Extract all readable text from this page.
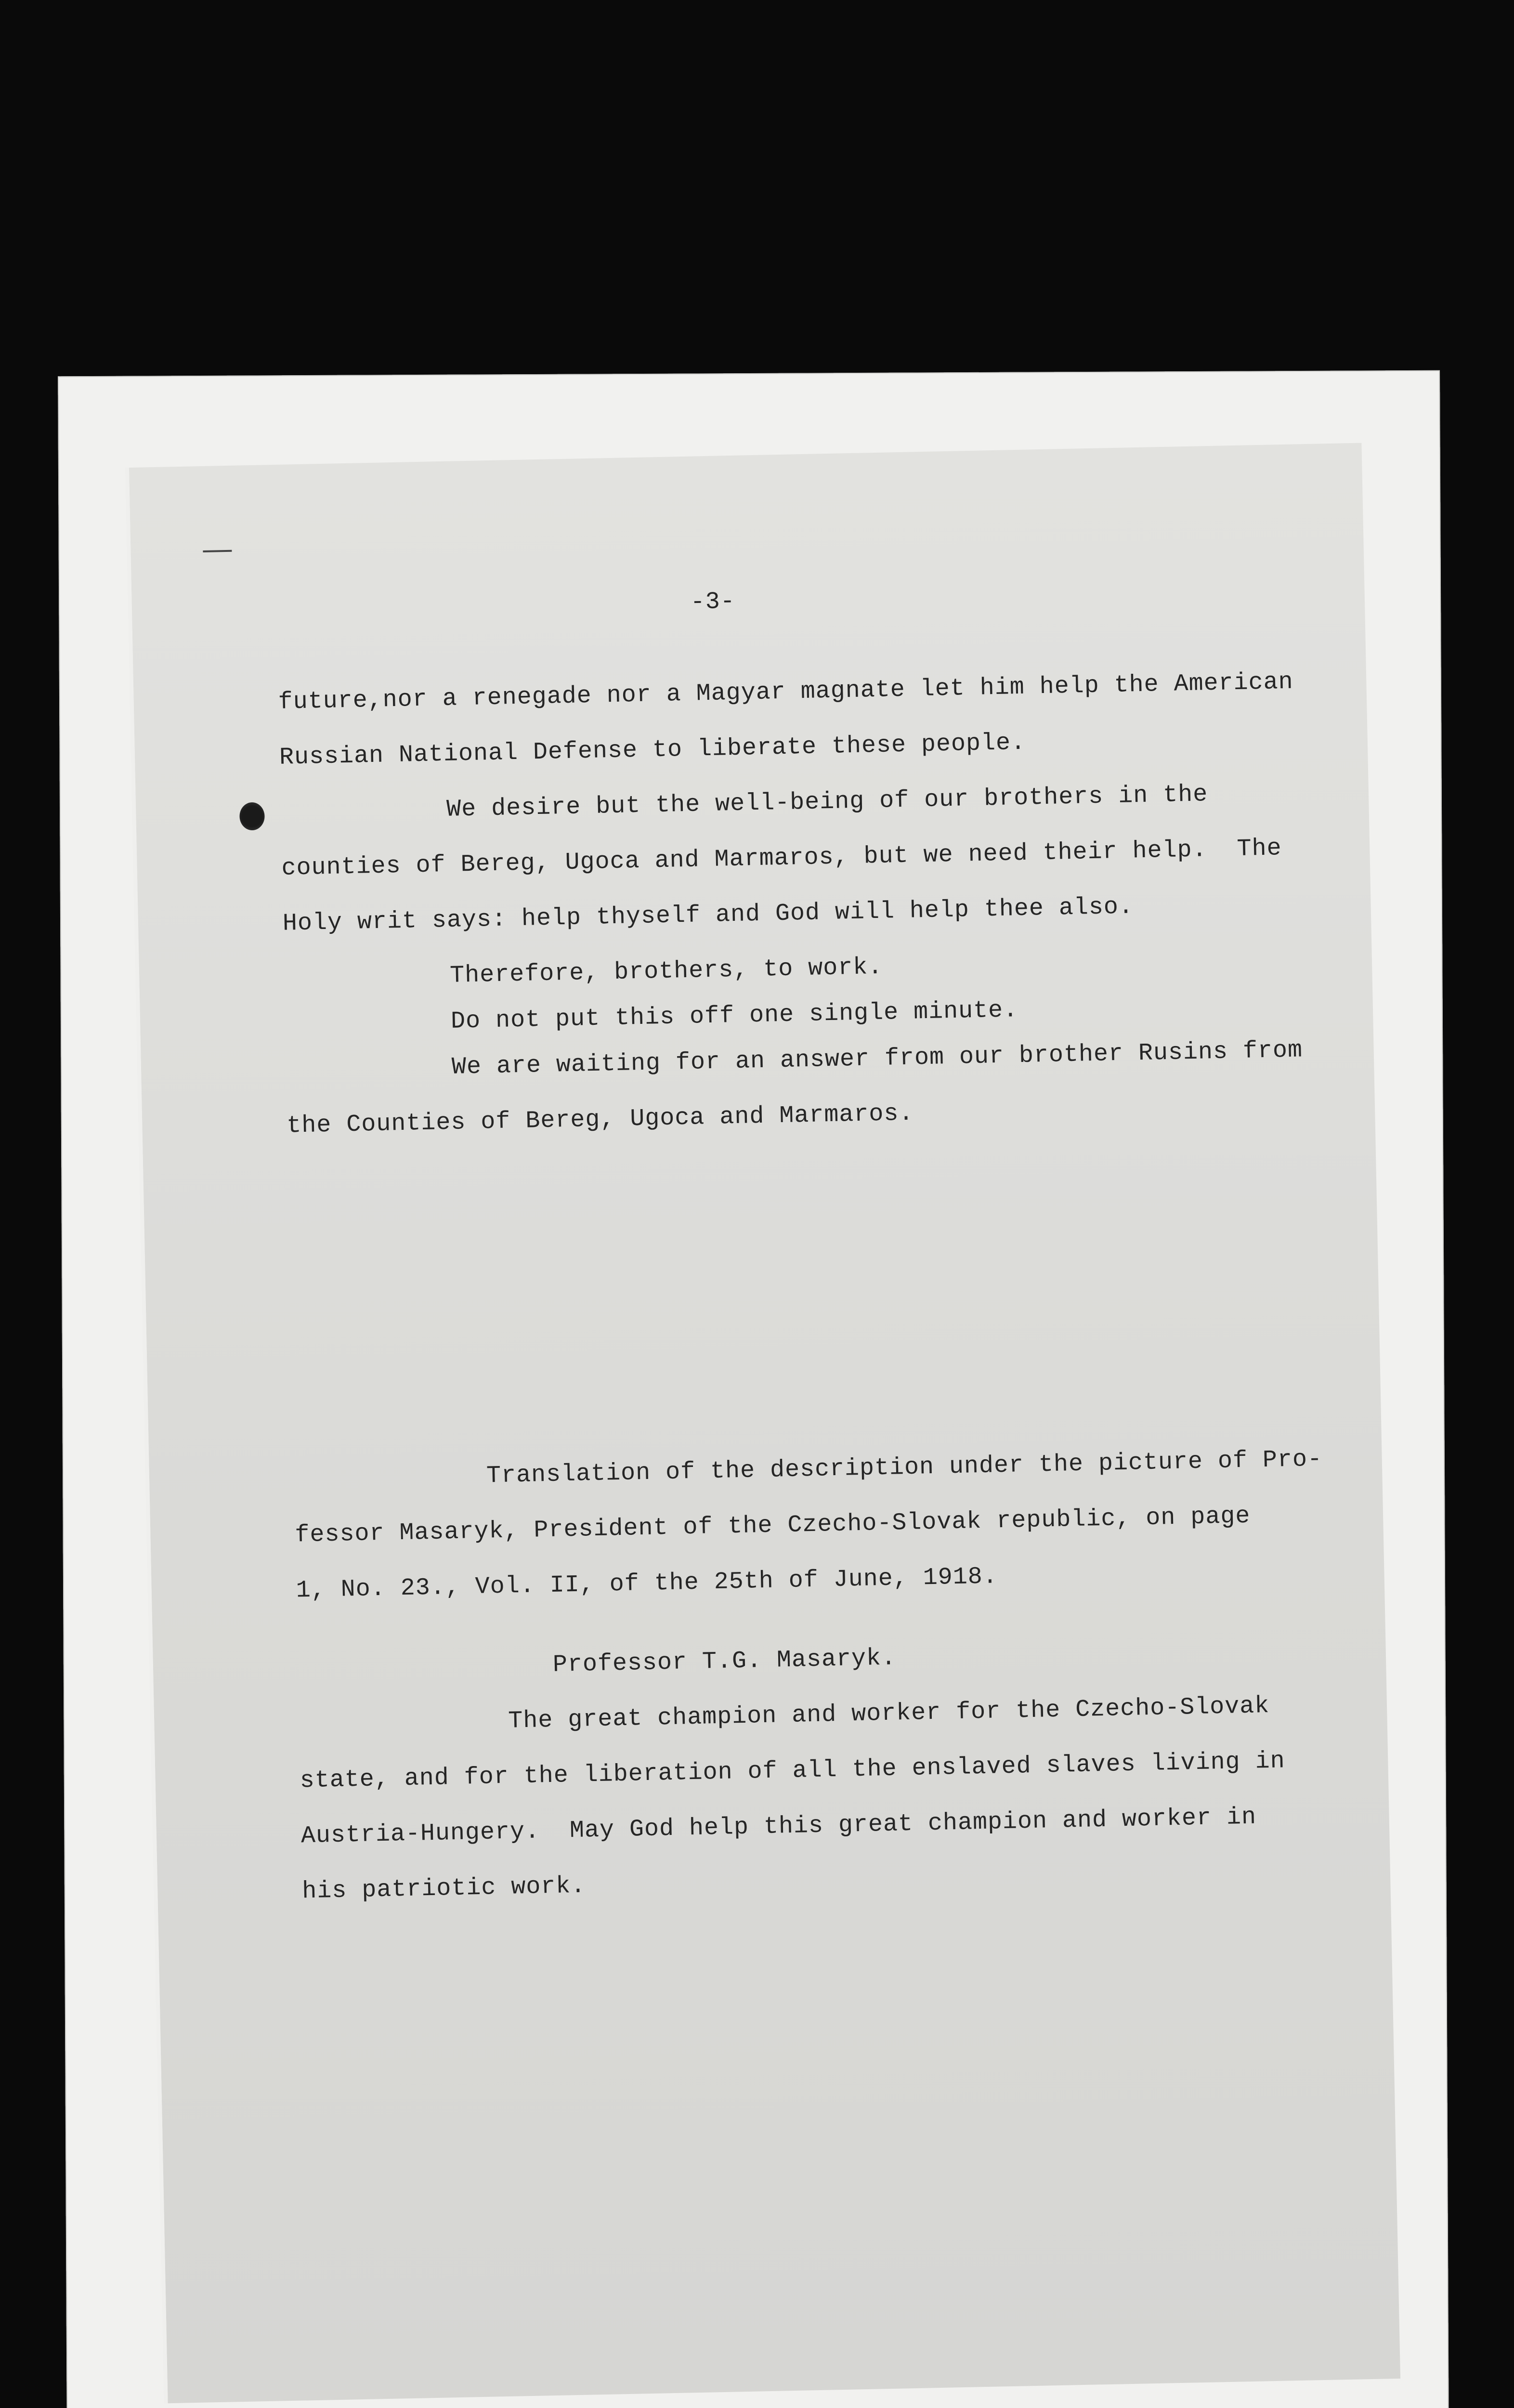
-3-
future,nor a renegade nor a Magyar magnate let him help the American
Russian National Defense to liberate these people.
We desire but the well-being of our brothers in the
counties of Bereg, Ugoca and Marmaros, but we need their help.  The
Holy writ says: help thyself and God will help thee also.
Therefore, brothers, to work.
Do not put this off one single minute.
We are waiting for an answer from our brother Rusins from
the Counties of Bereg, Ugoca and Marmaros.
Translation of the description under the picture of Pro-
fessor Masaryk, President of the Czecho-Slovak republic, on page
1, No. 23., Vol. II, of the 25th of June, 1918.
Professor T.G. Masaryk.
The great champion and worker for the Czecho-Slovak
state, and for the liberation of all the enslaved slaves living in
Austria-Hungery.  May God help this great champion and worker in
his patriotic work.
